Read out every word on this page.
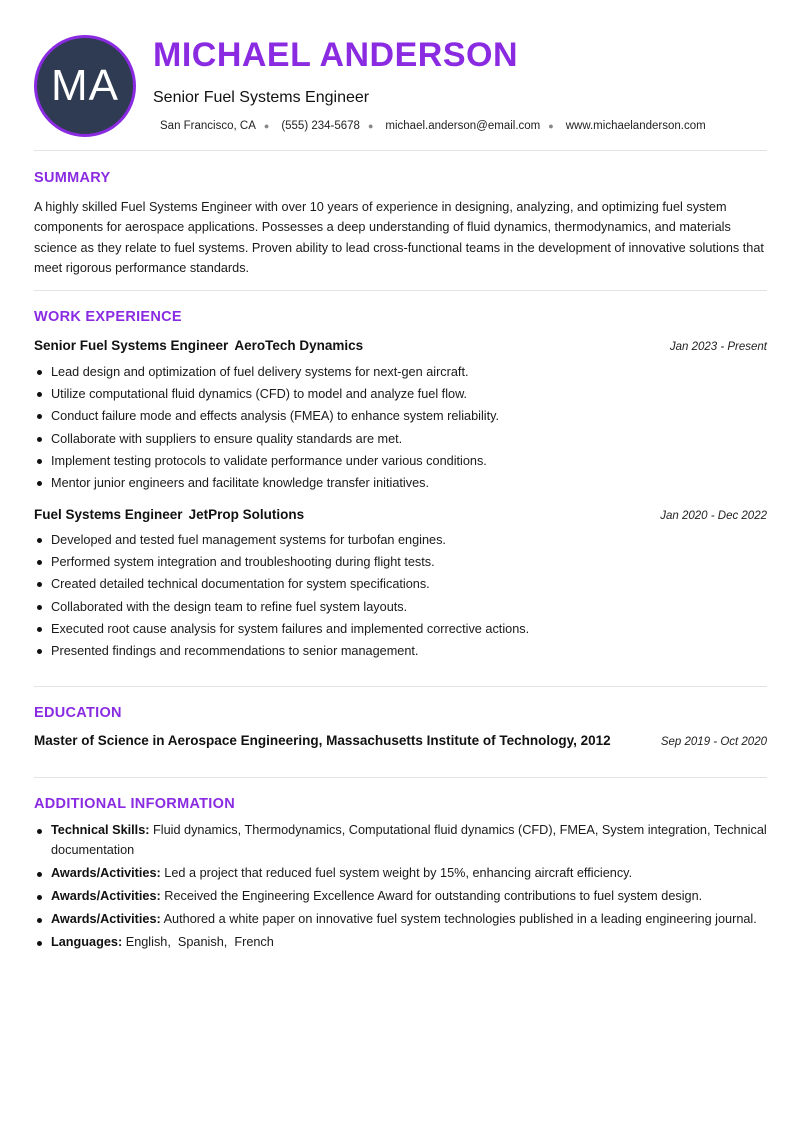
MA
MICHAEL ANDERSON
Senior Fuel Systems Engineer
San Francisco, CA ● (555) 234-5678 ● michael.anderson@email.com ● www.michaelanderson.com
SUMMARY

A highly skilled Fuel Systems Engineer with over 10 years of experience in designing, analyzing, and optimizing fuel system components for aerospace applications. Possesses a deep understanding of fluid dynamics, thermodynamics, and materials science as they relate to fuel systems. Proven ability to lead cross-functional teams in the development of innovative solutions that meet rigorous performance standards.

WORK EXPERIENCE
Senior Fuel Systems Engineer AeroTech Dynamics	Jan 2023 - Present
Lead design and optimization of fuel delivery systems for next-gen aircraft.
Utilize computational fluid dynamics (CFD) to model and analyze fuel flow.
Conduct failure mode and effects analysis (FMEA) to enhance system reliability.
Collaborate with suppliers to ensure quality standards are met.
Implement testing protocols to validate performance under various conditions.
Mentor junior engineers and facilitate knowledge transfer initiatives.
Fuel Systems Engineer JetProp Solutions	Jan 2020 - Dec 2022
Developed and tested fuel management systems for turbofan engines.
Performed system integration and troubleshooting during flight tests.
Created detailed technical documentation for system specifications.
Collaborated with the design team to refine fuel system layouts.
Executed root cause analysis for system failures and implemented corrective actions.
Presented findings and recommendations to senior management.
EDUCATION
Master of Science in Aerospace Engineering, Massachusetts Institute of Technology, 2012	Sep 2019 - Oct 2020
ADDITIONAL INFORMATION
Technical Skills: Fluid dynamics, Thermodynamics, Computational fluid dynamics (CFD), FMEA, System integration, Technical documentation
Awards/Activities: Led a project that reduced fuel system weight by 15%, enhancing aircraft efficiency.
Awards/Activities: Received the Engineering Excellence Award for outstanding contributions to fuel system design.
Awards/Activities: Authored a white paper on innovative fuel system technologies published in a leading engineering journal.
Languages: English,  Spanish,  French
